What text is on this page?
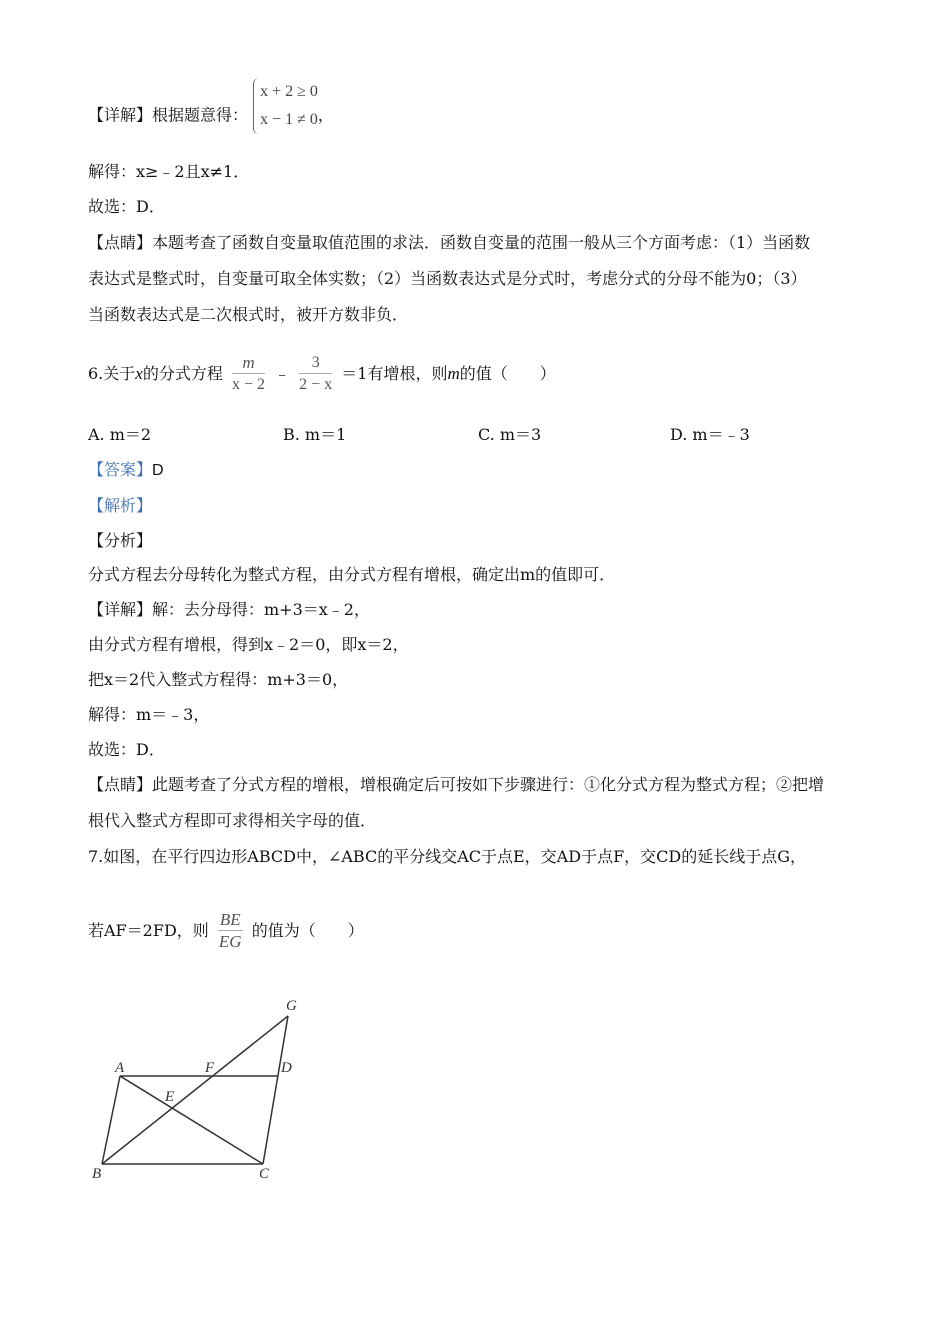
【详解】根据题意得： x + 2 ≥ 0
x − 1 ≠ 0，
解得：x≥﹣2且x≠1．
故选：D．
【点睛】本题考查了函数自变量取值范围的求法．函数自变量的范围一般从三个方面考虑：（1）当函数
表达式是整式时，自变量可取全体实数；（2）当函数表达式是分式时，考虑分式的分母不能为0；（3）
当函数表达式是二次根式时，被开方数非负．
6.关于x的分式方程 $\frac{m}{x - 2}$ ﹣ $\frac{3}{2 - x} =1$有增根，则m的值（　　）
A. m＝2	B. m＝1	C. m＝3	D. m＝﹣3
【答案】D
【解析】
【分析】
分式方程去分母转化为整式方程，由分式方程有增根，确定出m的值即可．
【详解】解：去分母得：m+3＝x﹣2，
由分式方程有增根，得到x﹣2＝0，即x＝2，
把x＝2代入整式方程得：m+3＝0，
解得：m＝﹣3，
故选：D．
【点睛】此题考查了分式方程的增根，增根确定后可按如下步骤进行：①化分式方程为整式方程；②把增
根代入整式方程即可求得相关字母的值．
7.如图，在平行四边形ABCD中，∠ABC的平分线交AC于点E，交AD于点F，交CD的延长线于点G，
若AF＝2FD，则 $\frac{BE}{EG}$ 的值为（　　）
A
B	C
D
E
F
G
